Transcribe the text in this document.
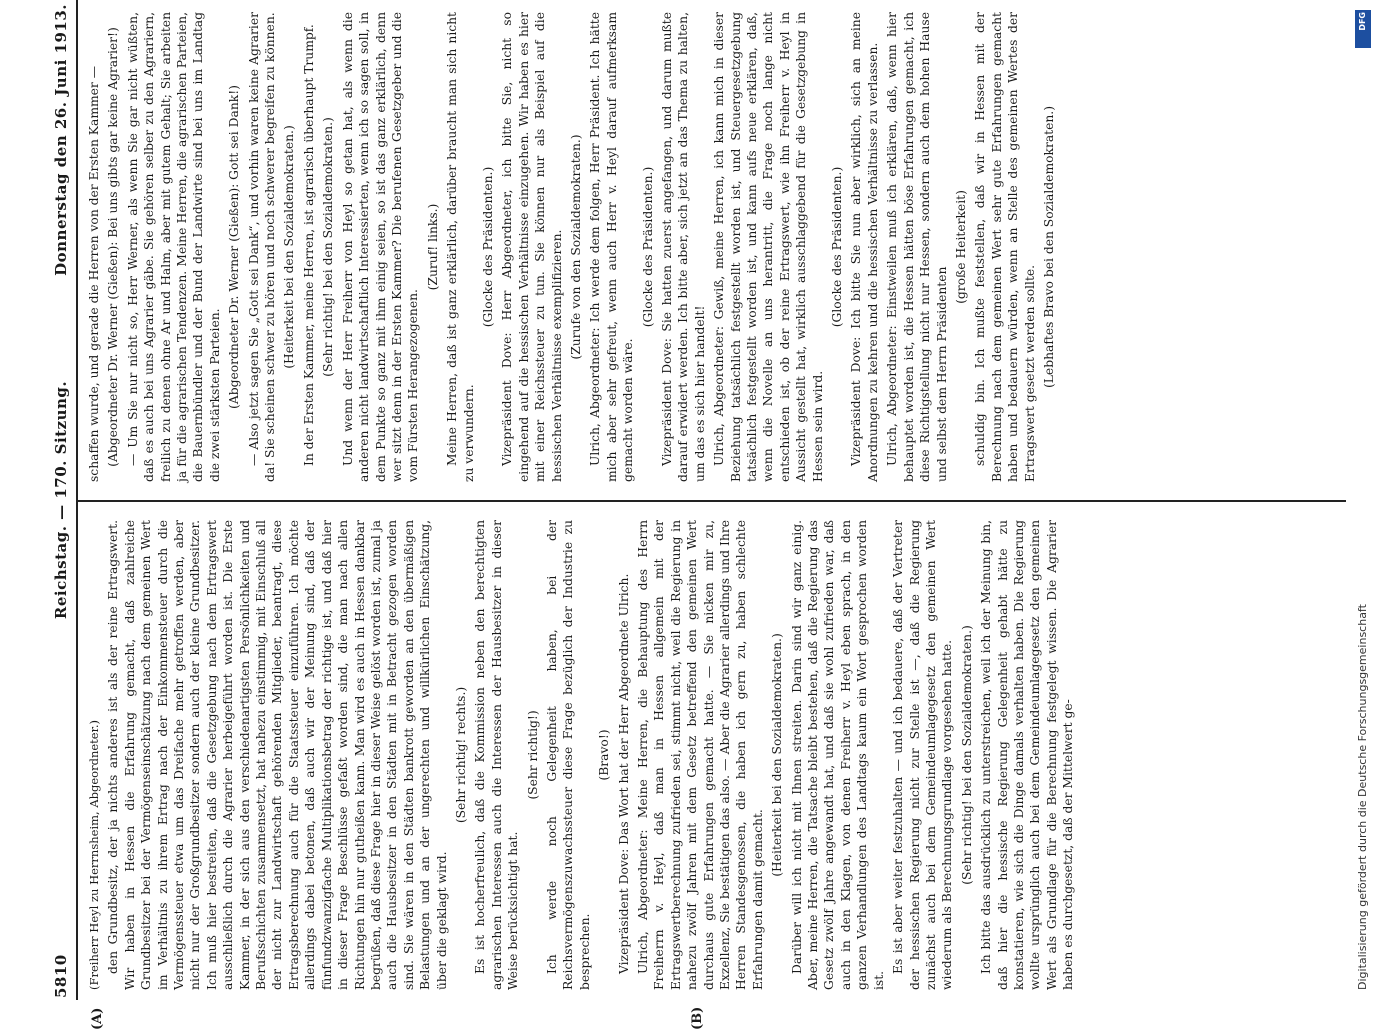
5810
Reichstag. — 170. Sitzung.
Donnerstag den 26. Juni 1913.
(A)	(B)

(Freiherr Heyl zu Herrnsheim, Abgeordneter.) den Grundbesitz, der ja nichts anderes ist als der reine Ertragswert. Wir haben in Hessen die Erfahrung gemacht, daß zahlreiche Grundbesitzer bei der Vermögenseinschätzung nach dem gemeinen Wert im Verhältnis zu ihrem Ertrag nach der Einkommensteuer durch die Vermögenssteuer etwa um das Dreifache mehr getroffen werden, aber nicht nur der Großgrundbesitzer sondern auch der kleine Grundbesitzer. Ich muß hier bestreiten, daß die Gesetzgebung nach dem Ertragswert ausschließlich durch die Agrarier herbeigeführt worden ist. Die Erste Kammer, in der sich aus den verschiedenartigsten Persönlichkeiten und Berufsschichten zusammensetzt, hat nahezu einstimmig, mit Einschluß all der nicht zur Landwirtschaft gehörenden Mitglieder, beantragt, diese Ertragsberechnung auch für die Staatssteuer einzuführen. Ich möchte allerdings dabei betonen, daß auch wir der Meinung sind, daß der fünfundzwanzigfache Multiplikationsbetrag der richtige ist, und daß hier in dieser Frage Beschlüsse gefaßt worden sind, die man nach allen Richtungen hin nur gutheißen kann. Man wird es auch in Hessen dankbar begrüßen, daß diese Frage hier in dieser Weise gelöst worden ist, zumal ja auch die Hausbesitzer in den Städten mit in Betracht gezogen worden sind. Sie wären in den Städten bankrott geworden an den übermäßigen Belastungen und an der ungerechten und willkürlichen Einschätzung, über die geklagt wird.

(Sehr richtig! rechts.) Es ist hocherfreulich, daß die Kommission neben den berechtigten agrarischen Interessen auch die Interessen der Hausbesitzer in dieser Weise berücksichtigt hat.

(Sehr richtig!) Ich werde noch Gelegenheit haben, bei der Reichsvermögenszuwachssteuer diese Frage bezüglich der Industrie zu besprechen.

(Bravo!) Vizepräsident Dove: Das Wort hat der Herr Abgeordnete Ulrich. Ulrich, Abgeordneter: Meine Herren, die Behauptung des Herrn Freiherrn v. Heyl, daß man in Hessen allgemein mit der Ertragswertberechnung zufrieden sei, stimmt nicht, weil die Regierung in nahezu zwölf Jahren mit dem Gesetz betreffend den gemeinen Wert durchaus gute Erfahrungen gemacht hatte. — Sie nicken mir zu, Exzellenz, Sie bestätigen das also. — Aber die Agrarier allerdings und Ihre Herren Standesgenossen, die haben ich gern zu, haben schlechte Erfahrungen damit gemacht.

(Heiterkeit bei den Sozialdemokraten.) Darüber will ich nicht mit Ihnen streiten. Darin sind wir ganz einig. Aber, meine Herren, die Tatsache bleibt bestehen, daß die Regierung das Gesetz zwölf Jahre angewandt hat, und daß sie wohl zufrieden war, daß auch in den Klagen, von denen Freiherr v. Heyl eben sprach, in den ganzen Verhandlungen des Landtags kaum ein Wort gesprochen worden ist.

Es ist aber weiter festzuhalten — und ich bedauere, daß der Vertreter der hessischen Regierung nicht zur Stelle ist —, daß die Regierung zunächst auch bei dem Gemeindeumlagegesetz den gemeinen Wert wiederum als Berechnungsgrundlage vorgesehen hatte. (Sehr richtig! bei den Sozialdemokraten.) Ich bitte das ausdrücklich zu unterstreichen, weil ich der Meinung bin, daß hier die hessische Regierung Gelegenheit gehabt hätte zu konstatieren, wie sich die Dinge damals verhalten haben. Die Regierung wollte ursprünglich auch bei dem Gemeindeumlagegesetz den gemeinen Wert als Grundlage für die Berechnung festgelegt wissen. Die Agrarier haben es durchgesetzt, daß der Mittelwert ge-

schaffen wurde, und gerade die Herren von der Ersten Kammer — (Abgeordneter Dr. Werner (Gießen): Bei uns gibts gar keine Agrarier!) — Um Sie nur nicht so, Herr Werner, als wenn Sie gar nicht wüßten, daß es auch bei uns Agrarier gäbe. Sie gehören selber zu den Agrariern, freilich zu denen ohne Ar und Halm, aber mit gutem Gehalt; Sie arbeiten ja für die agrarischen Tendenzen. Meine Herren, die agrarischen Parteien, die Bauernbündler und der Bund der Landwirte sind bei uns im Landtag die zwei stärksten Parteien. (Abgeordneter Dr. Werner (Gießen): Gott sei Dank!) — Also jetzt sagen Sie „Gott sei Dank“, und vorhin waren keine Agrarier da! Sie scheinen schwer zu hören und noch schwerer begreifen zu können. (Heiterkeit bei den Sozialdemokraten.) In der Ersten Kammer, meine Herren, ist agrarisch überhaupt Trumpf. (Sehr richtig! bei den Sozialdemokraten.) Und wenn der Herr Freiherr von Heyl so getan hat, als wenn die anderen nicht landwirtschaftlich Interessierten, wenn ich so sagen soll, in dem Punkte so ganz mit ihm einig seien, so ist das ganz erklärlich, denn wer sitzt denn in der Ersten Kammer? Die berufenen Gesetzgeber und die vom Fürsten Herangezogenen.

(Zuruf! links.) Meine Herren, daß ist ganz erklärlich, darüber braucht man sich nicht zu verwundern.

(Glocke des Präsidenten.) Vizepräsident Dove: Herr Abgeordneter, ich bitte Sie, nicht so eingehend auf die hessischen Verhältnisse einzugehen. Wir haben es hier mit einer Reichssteuer zu tun. Sie können nur als Beispiel auf die hessischen Verhältnisse exemplifizieren. (Zurufe von den Sozialdemokraten.) Ulrich, Abgeordneter: Ich werde dem folgen, Herr Präsident. Ich hätte mich aber sehr gefreut, wenn auch Herr v. Heyl darauf aufmerksam gemacht worden wäre.

(Glocke des Präsidenten.) Vizepräsident Dove: Sie hatten zuerst angefangen, und darum mußte darauf erwidert werden. Ich bitte aber, sich jetzt an das Thema zu halten, um das es sich hier handelt! Ulrich, Abgeordneter: Gewiß, meine Herren, ich kann mich in dieser Beziehung tatsächlich festgestellt worden ist, und Steuergesetzgebung tatsächlich festgestellt worden ist, und kann aufs neue erklären, daß, wenn die Novelle an uns herantritt, die Frage noch lange nicht entschieden ist, ob der reine Ertragswert, wie ihn Freiherr v. Heyl in Aussicht gestellt hat, wirklich ausschlaggebend für die Gesetzgebung in Hessen sein wird.

(Glocke des Präsidenten.) Vizepräsident Dove: Ich bitte Sie nun aber wirklich, sich an meine Anordnungen zu kehren und die hessischen Verhältnisse zu verlassen. Ulrich, Abgeordneter: Einstweilen muß ich erklären, daß, wenn hier behauptet worden ist, die Hessen hätten böse Erfahrungen gemacht, ich diese Richtigstellung nicht nur Hessen, sondern auch dem hohen Hause und selbst dem Herrn Präsidenten

(große Heiterkeit) schuldig bin. Ich mußte feststellen, daß wir in Hessen mit der Berechnung nach dem gemeinen Wert sehr gute Erfahrungen gemacht haben und bedauern würden, wenn an Stelle des gemeinen Wertes der Ertragswert gesetzt werden sollte. (Lebhaftes Bravo bei den Sozialdemokraten.)

DFG
Digitalisierung gefördert durch die Deutsche Forschungsgemeinschaft
